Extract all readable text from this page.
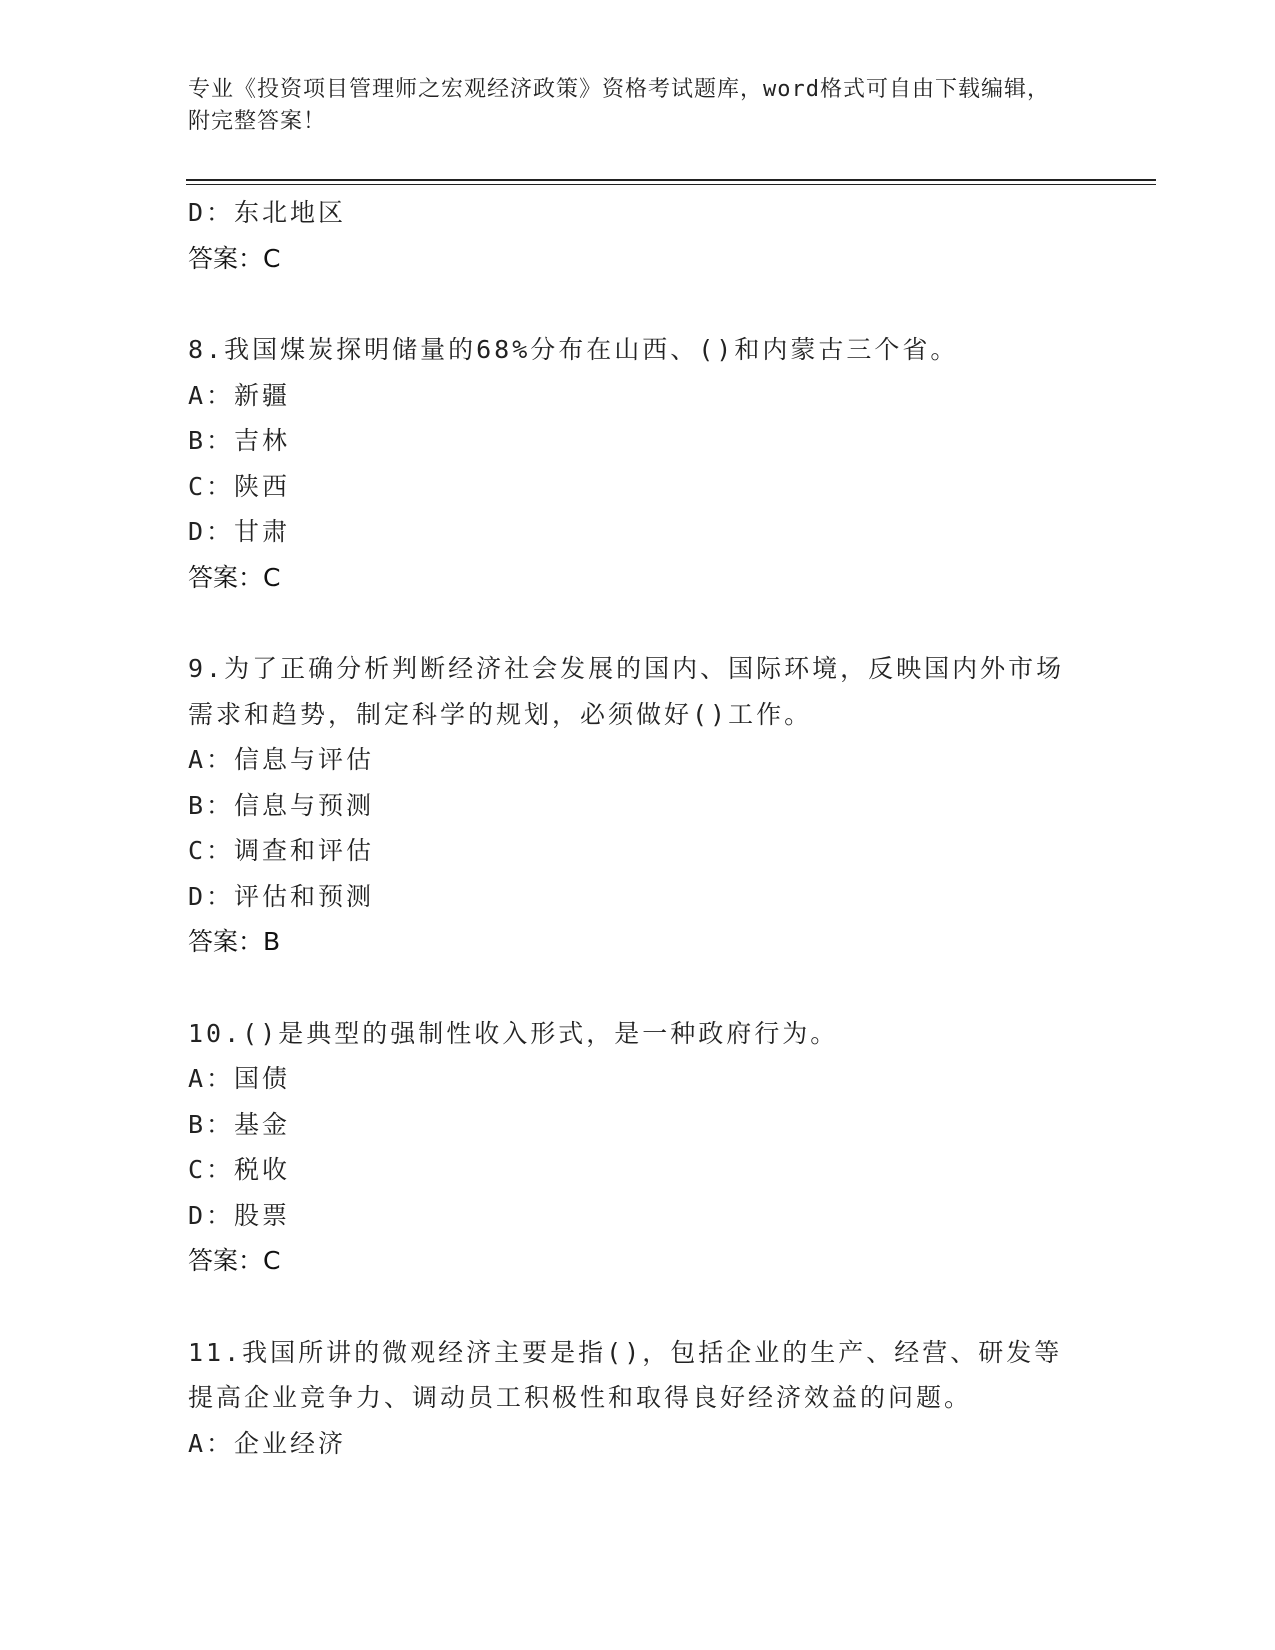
专业《投资项目管理师之宏观经济政策》资格考试题库，word格式可自由下载编辑，附完整答案！
D：东北地区
答案：C
8.我国煤炭探明储量的68%分布在山西、()和内蒙古三个省。
A：新疆
B：吉林
C：陕西
D：甘肃
答案：C
9.为了正确分析判断经济社会发展的国内、国际环境，反映国内外市场需求和趋势，制定科学的规划，必须做好()工作。
A：信息与评估
B：信息与预测
C：调查和评估
D：评估和预测
答案：B
10.()是典型的强制性收入形式，是一种政府行为。
A：国债
B：基金
C：税收
D：股票
答案：C
11.我国所讲的微观经济主要是指()，包括企业的生产、经营、研发等提高企业竞争力、调动员工积极性和取得良好经济效益的问题。
A：企业经济
